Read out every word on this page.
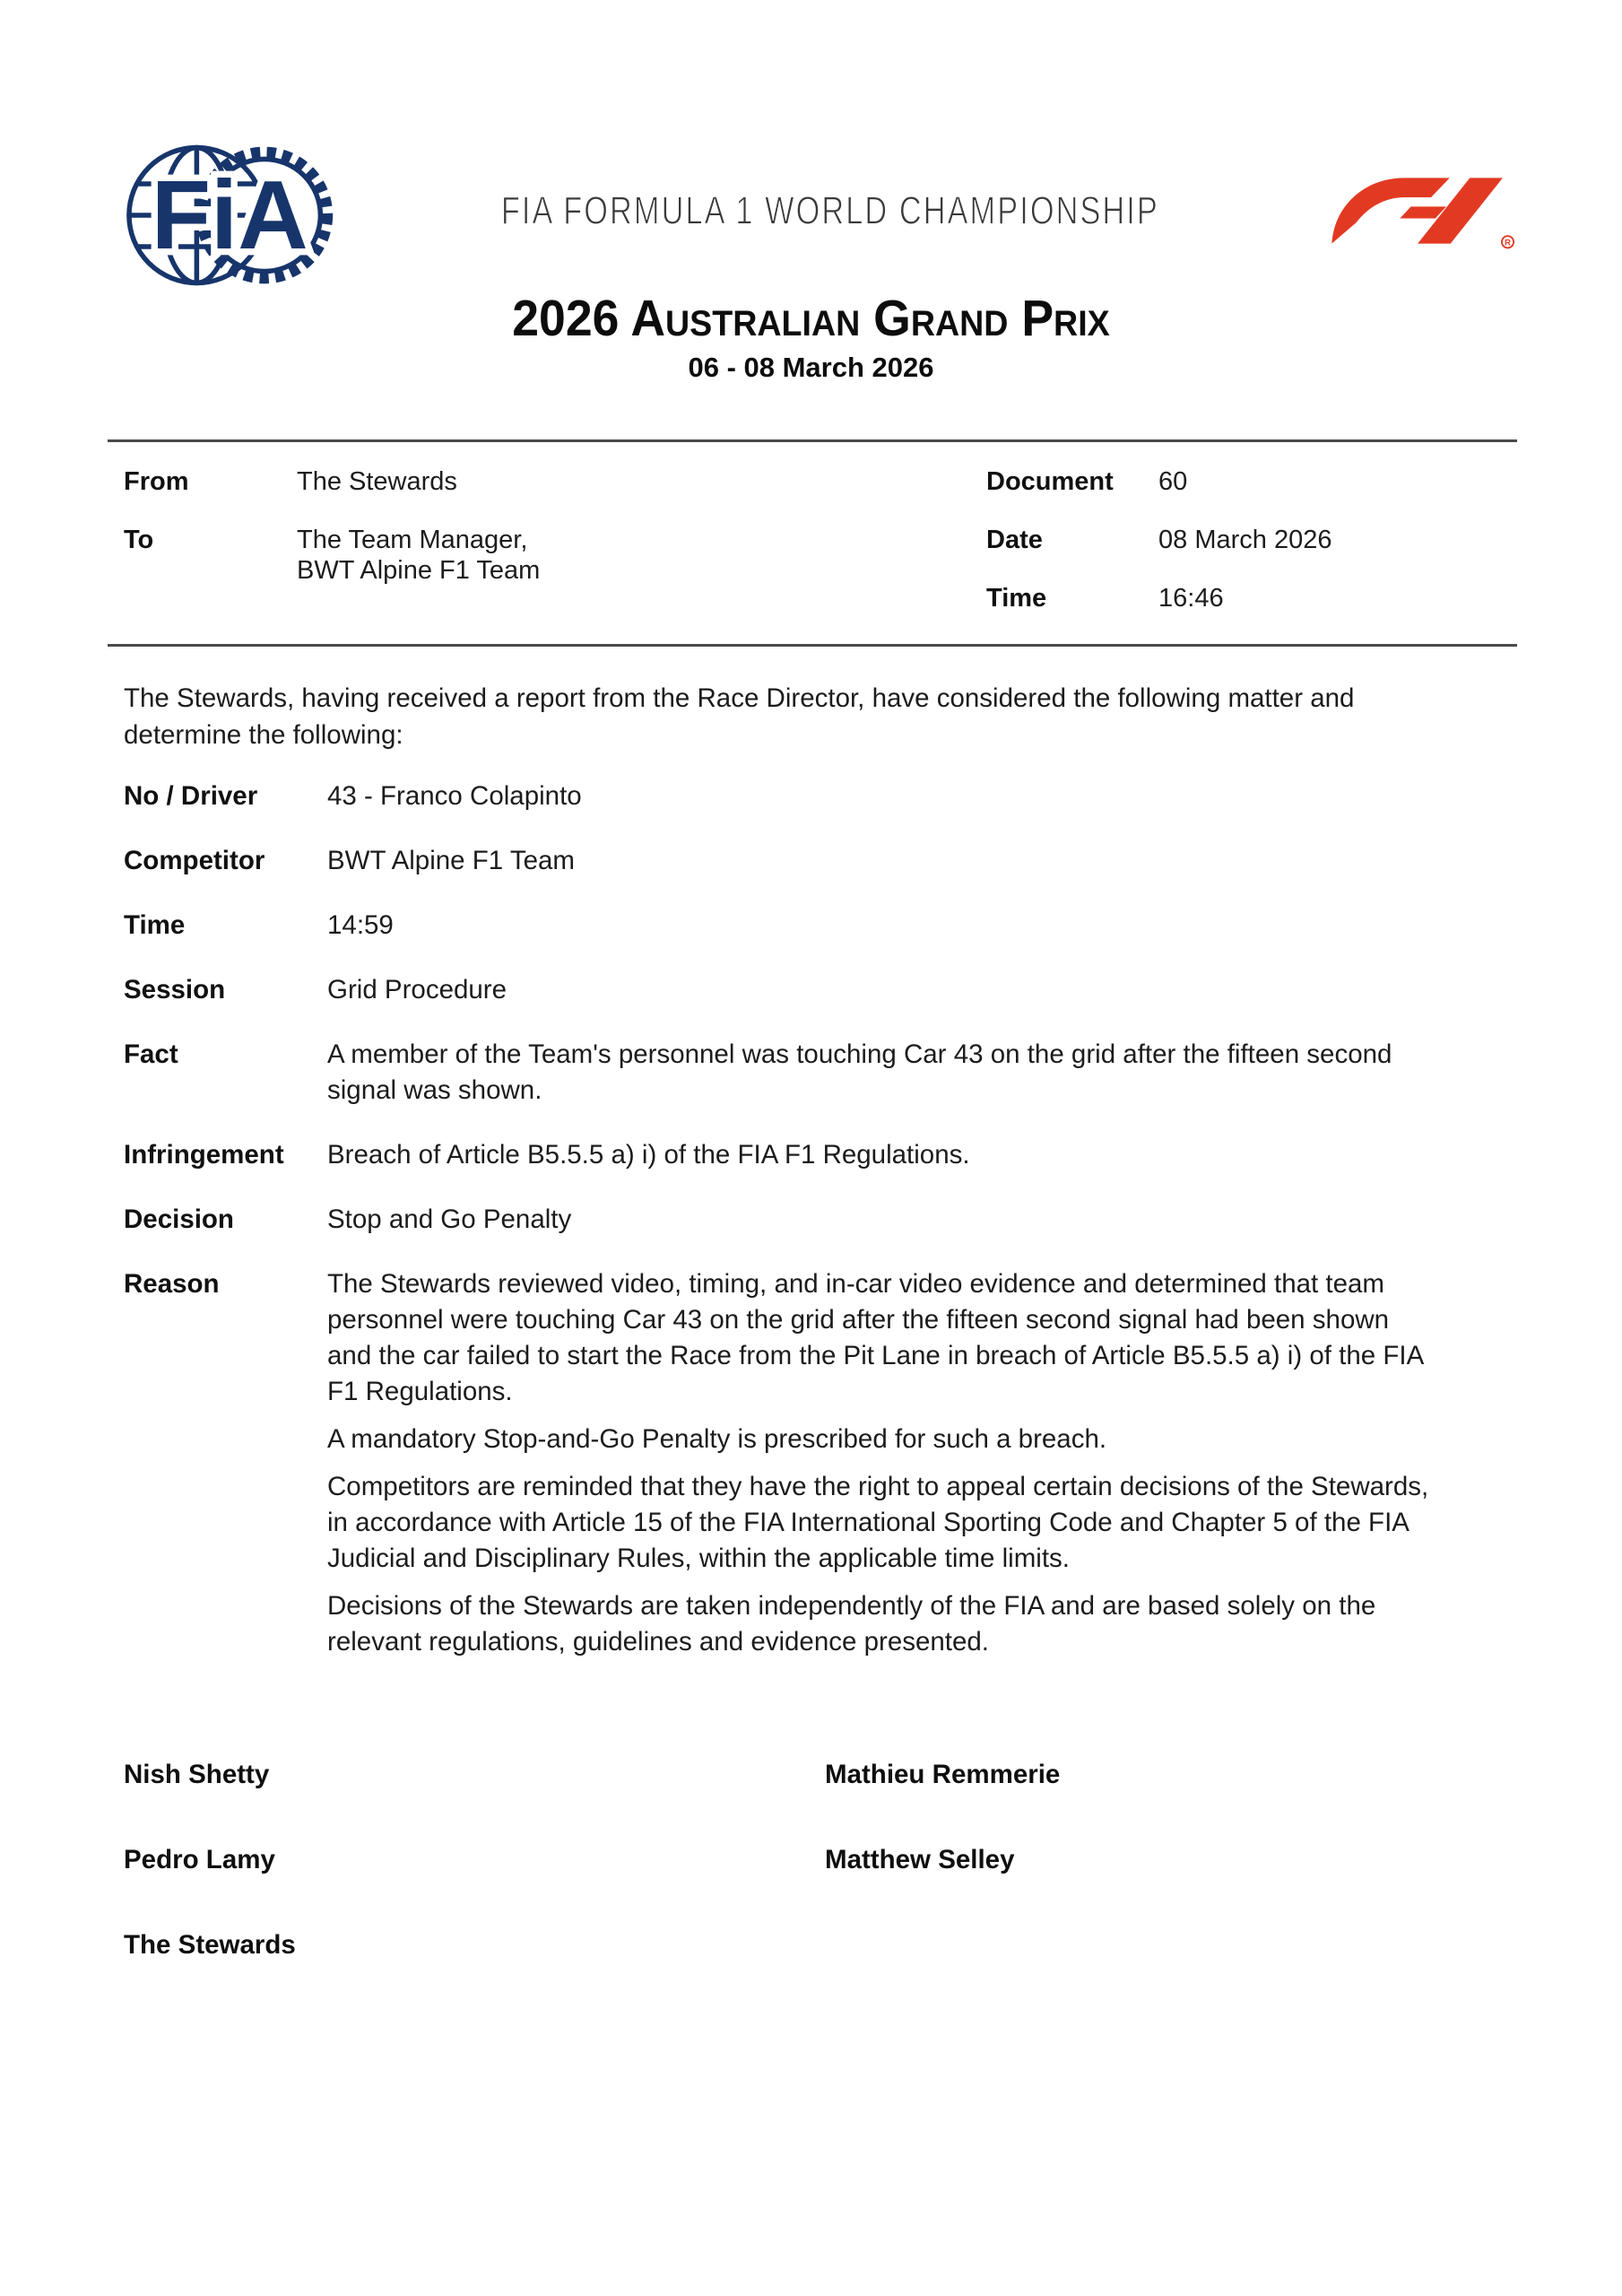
FiA	FIA FORMULA 1 WORLD CHAMPIONSHIP
R
2026 Australian Grand Prix
06 - 08 March 2026
From	The Stewards
To	The Team Manager,
BWT Alpine F1 Team
Document	60
Date	08 March 2026
Time	16:46
The Stewards, having received a report from the Race Director, have considered the following matter and determine the following:
No / Driver	43 - Franco Colapinto
Competitor	BWT Alpine F1 Team
Time	14:59
Session	Grid Procedure
Fact	A member of the Team's personnel was touching Car 43 on the grid after the fifteen second signal was shown.
Infringement	Breach of Article B5.5.5 a) i) of the FIA F1 Regulations.
Decision	Stop and Go Penalty
Reason	The Stewards reviewed video, timing, and in-car video evidence and determined that team personnel were touching Car 43 on the grid after the fifteen second signal had been shown and the car failed to start the Race from the Pit Lane in breach of Article B5.5.5 a) i) of the FIA F1 Regulations.
A mandatory Stop-and-Go Penalty is prescribed for such a breach.
Competitors are reminded that they have the right to appeal certain decisions of the Stewards, in accordance with Article 15 of the FIA International Sporting Code and Chapter 5 of the FIA Judicial and Disciplinary Rules, within the applicable time limits.
Decisions of the Stewards are taken independently of the FIA and are based solely on the relevant regulations, guidelines and evidence presented.
Nish Shetty	Mathieu Remmerie
Pedro Lamy	Matthew Selley
The Stewards
